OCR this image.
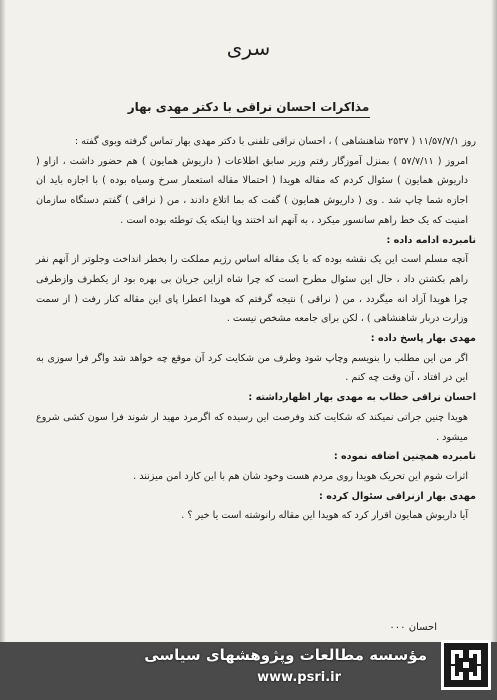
سری
مذاکرات احسان نراقی با دکتر مهدی بهار

روز ۱۱/۵۷/۷/۱ ( ۲۵۳۷ شاهنشاهی ) ، احسان نراقی تلفنی با دکتر مهدی بهار تماس گرفته وبوی گفته :

امروز ( ۵۷/۷/۱۱ ) بمنزل آموزگار رفتم وزیر سابق اطلاعات ( داریوش همایون ) هم حضور داشت ، ازاو ( داریوش همایون ) سئوال کردم که مقاله هویدا ( احتمالا مقاله استعمار سرخ وسیاه بوده ) با اجازه باید ان اجازه شما چاپ شد . وی ( داریوش همایون ) گفت که بما اتلاع دادند ، من ( نراقی ) گفتم دستگاه سازمان امنیت که یک خط راهم سانسور میکرد ، به آنهم اند اختند وپا اینکه یک توطئه بوده است .

نامبرده ادامه داده :

آنچه مسلم است این یک نقشه بوده که با یک مقاله اساس رژیم مملکت را بخطر انداخت وجلوتر از آنهم نفر راهم بکشتن داد ، حال این سئوال مطرح است که چرا شاه ازاین جریان بی بهره بود از یکطرف وازطرفی چرا هویدا آزاد انه میگردد ، من ( نراقی ) نتیجه گرفتم که هویدا اعطرا پای این مقاله کنار رفت ( از سمت وزارت دربار شاهنشاهی ) ، لکن برای جامعه مشخص نیست .

مهدی بهار پاسخ داده :

اگر من این مطلب را بنویسم وچاپ شود وطرف من شکایت کرد آن موقع چه خواهد شد واگر فرا سوزی به این در افتاد ، آن وقت چه کنم .

احسان نراقی خطاب به مهدی بهار اظهارداشته :

هویدا چنین جراتی نمیکند که شکایت کند وفرصت این رسیده که اگرمرد مهید ار شوند فرا سون کشی شروع میشود .

نامبرده همچنین اضافه نموده :

اثرات شوم این تحریک هویدا روی مردم هست وخود شان هم با این کارد امن میزنند .

مهدی بهار ازنراقی سئوال کرده :

آیا داریوش همایون اقرار کرد که هویدا این مقاله رانوشته است یا خیر ؟ .

احسان ۰۰۰
مؤسسه مطالعات وپژوهشهای سیاسی
www.psri.ir
